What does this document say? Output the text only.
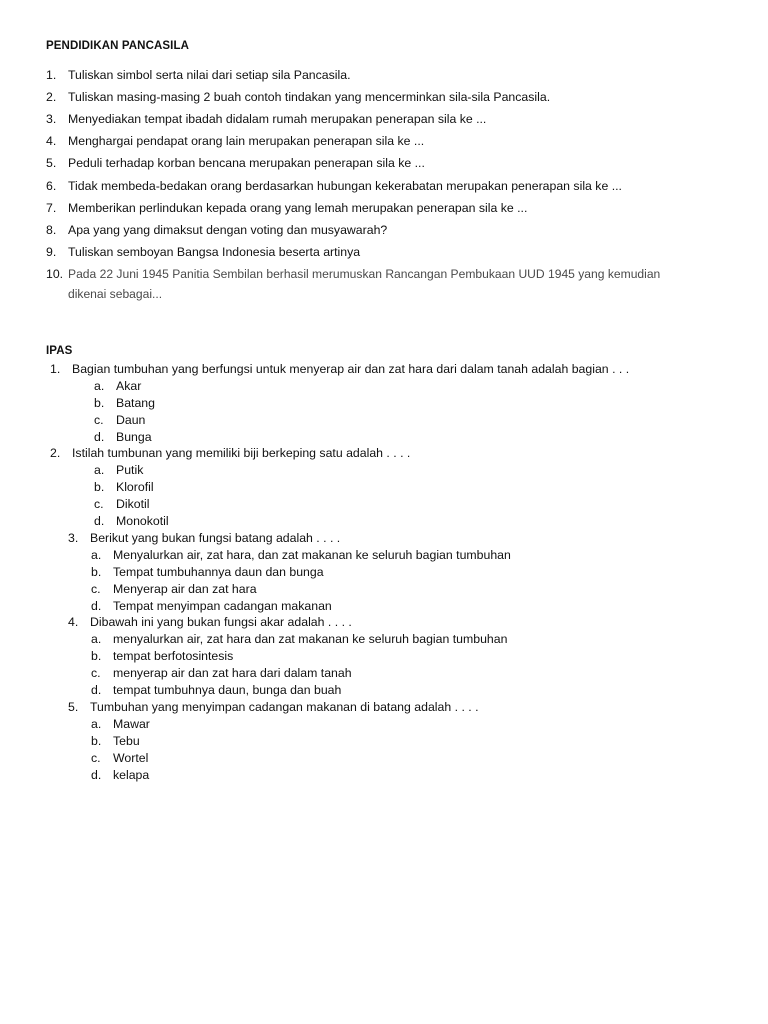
PENDIDIKAN PANCASILA
1. Tuliskan simbol serta nilai dari setiap sila Pancasila.
2. Tuliskan masing-masing 2 buah contoh tindakan yang mencerminkan sila-sila Pancasila.
3. Menyediakan tempat ibadah didalam rumah merupakan penerapan sila ke ...
4. Menghargai pendapat orang lain merupakan penerapan sila ke ...
5. Peduli terhadap korban bencana merupakan penerapan sila ke ...
6. Tidak membeda-bedakan orang berdasarkan hubungan kekerabatan merupakan penerapan sila ke ...
7. Memberikan perlindukan kepada orang yang lemah merupakan penerapan sila ke ...
8. Apa yang yang dimaksut dengan voting dan musyawarah?
9. Tuliskan semboyan Bangsa Indonesia beserta artinya
10. Pada 22 Juni 1945 Panitia Sembilan berhasil merumuskan Rancangan Pembukaan UUD 1945 yang kemudian
dikenai sebagai...
IPAS
1. Bagian tumbuhan yang berfungsi untuk menyerap air dan zat hara dari dalam tanah adalah bagian . . .
a. Akar
b. Batang
c. Daun
d. Bunga
2. Istilah tumbunan yang memiliki biji berkeping satu adalah . . . .
a. Putik
b. Klorofil
c. Dikotil
d. Monokotil
3. Berikut yang bukan fungsi batang adalah . . . .
a. Menyalurkan air, zat hara, dan zat makanan ke seluruh bagian tumbuhan
b. Tempat tumbuhannya daun dan bunga
c. Menyerap air dan zat hara
d. Tempat menyimpan cadangan makanan
4. Dibawah ini yang bukan fungsi akar adalah . . . .
a. menyalurkan air, zat hara dan zat makanan ke seluruh bagian tumbuhan
b. tempat berfotosintesis
c. menyerap air dan zat hara dari dalam tanah
d. tempat tumbuhnya daun, bunga dan buah
5. Tumbuhan yang menyimpan cadangan makanan di batang adalah . . . .
a. Mawar
b. Tebu
c. Wortel
d. kelapa
